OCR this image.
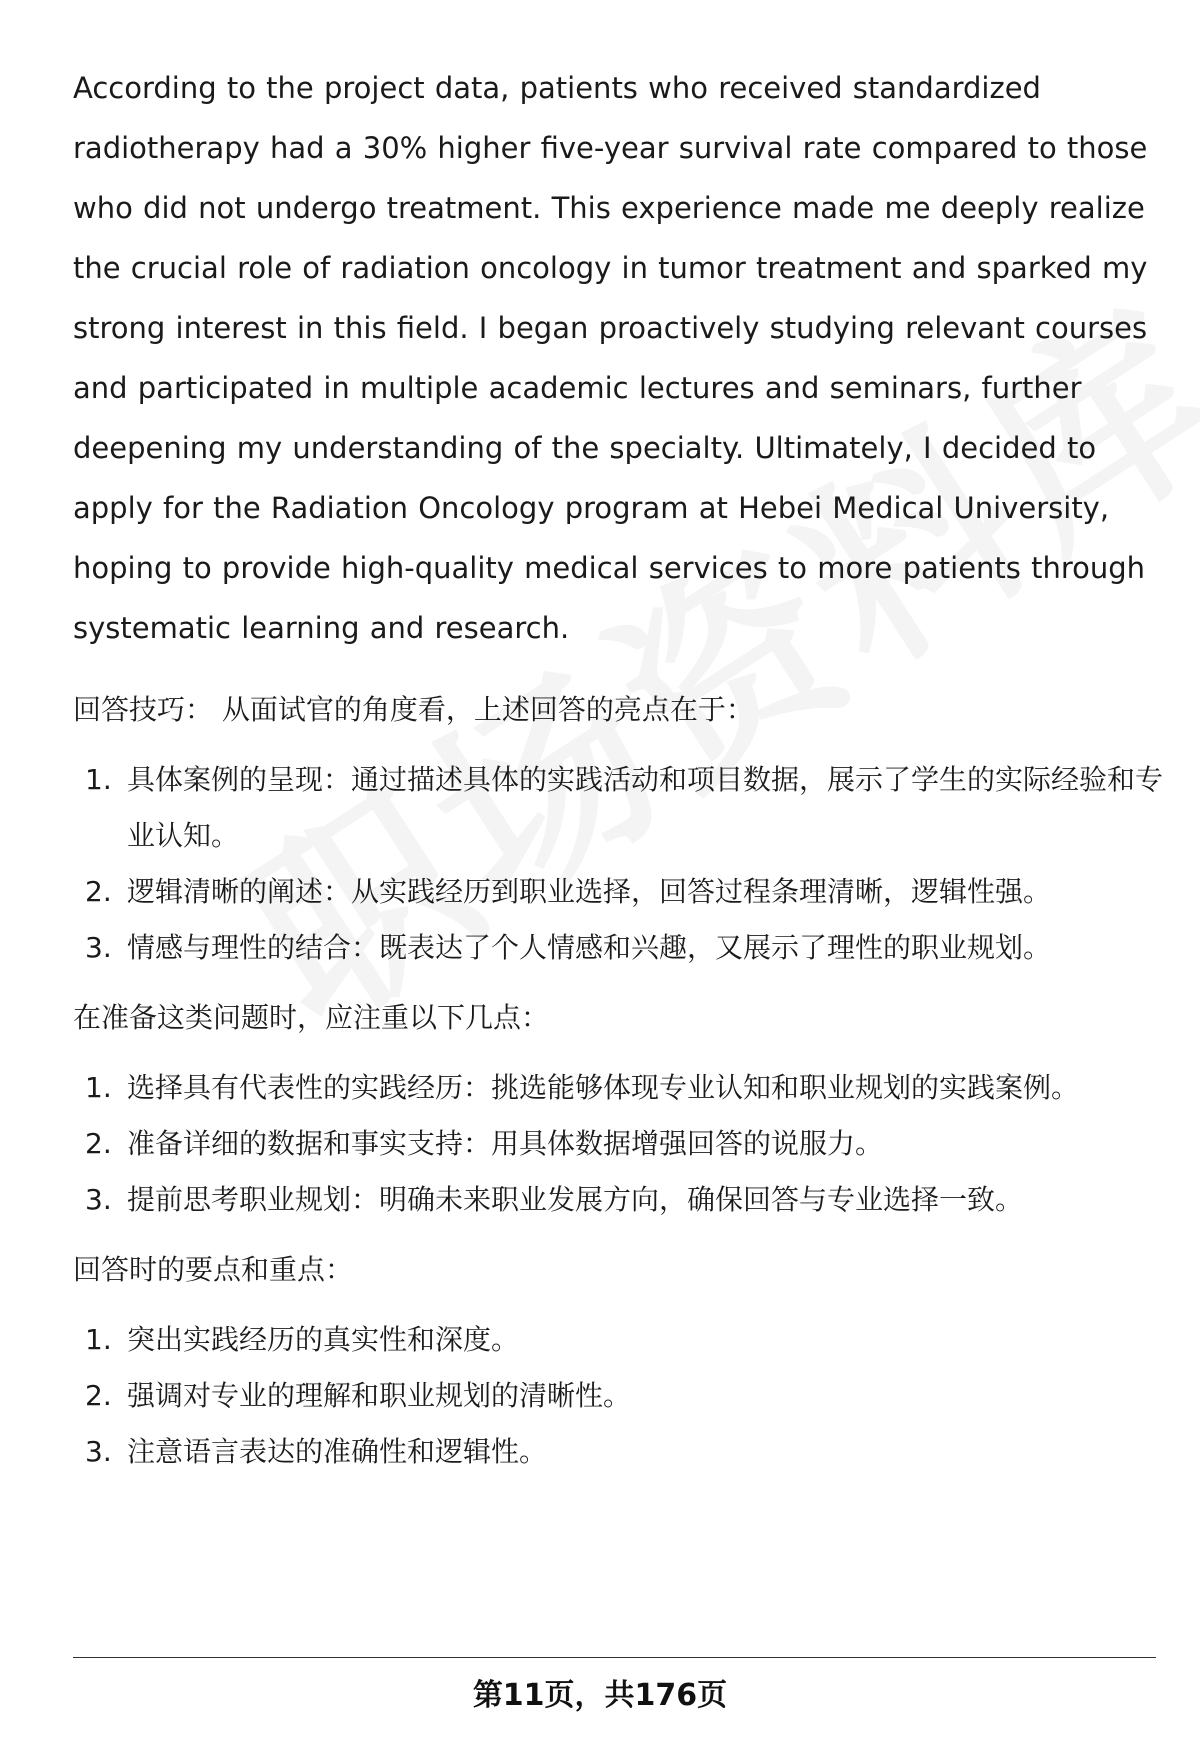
According to the project data, patients who received standardized radiotherapy had a 30% higher five-year survival rate compared to those who did not undergo treatment. This experience made me deeply realize the crucial role of radiation oncology in tumor treatment and sparked my strong interest in this field. I began proactively studying relevant courses and participated in multiple academic lectures and seminars, further deepening my understanding of the specialty. Ultimately, I decided to apply for the Radiation Oncology program at Hebei Medical University, hoping to provide high-quality medical services to more patients through systematic learning and research.

回答技巧： 从面试官的角度看，上述回答的亮点在于：

1. 具体案例的呈现：通过描述具体的实践活动和项目数据，展示了学生的实际经验和专业认知。
2. 逻辑清晰的阐述：从实践经历到职业选择，回答过程条理清晰，逻辑性强。
3. 情感与理性的结合：既表达了个人情感和兴趣，又展示了理性的职业规划。

在准备这类问题时，应注重以下几点：

1. 选择具有代表性的实践经历：挑选能够体现专业认知和职业规划的实践案例。
2. 准备详细的数据和事实支持：用具体数据增强回答的说服力。
3. 提前思考职业规划：明确未来职业发展方向，确保回答与专业选择一致。

回答时的要点和重点：

1. 突出实践经历的真实性和深度。
2. 强调对专业的理解和职业规划的清晰性。
3. 注意语言表达的准确性和逻辑性。
第11页，共176页
